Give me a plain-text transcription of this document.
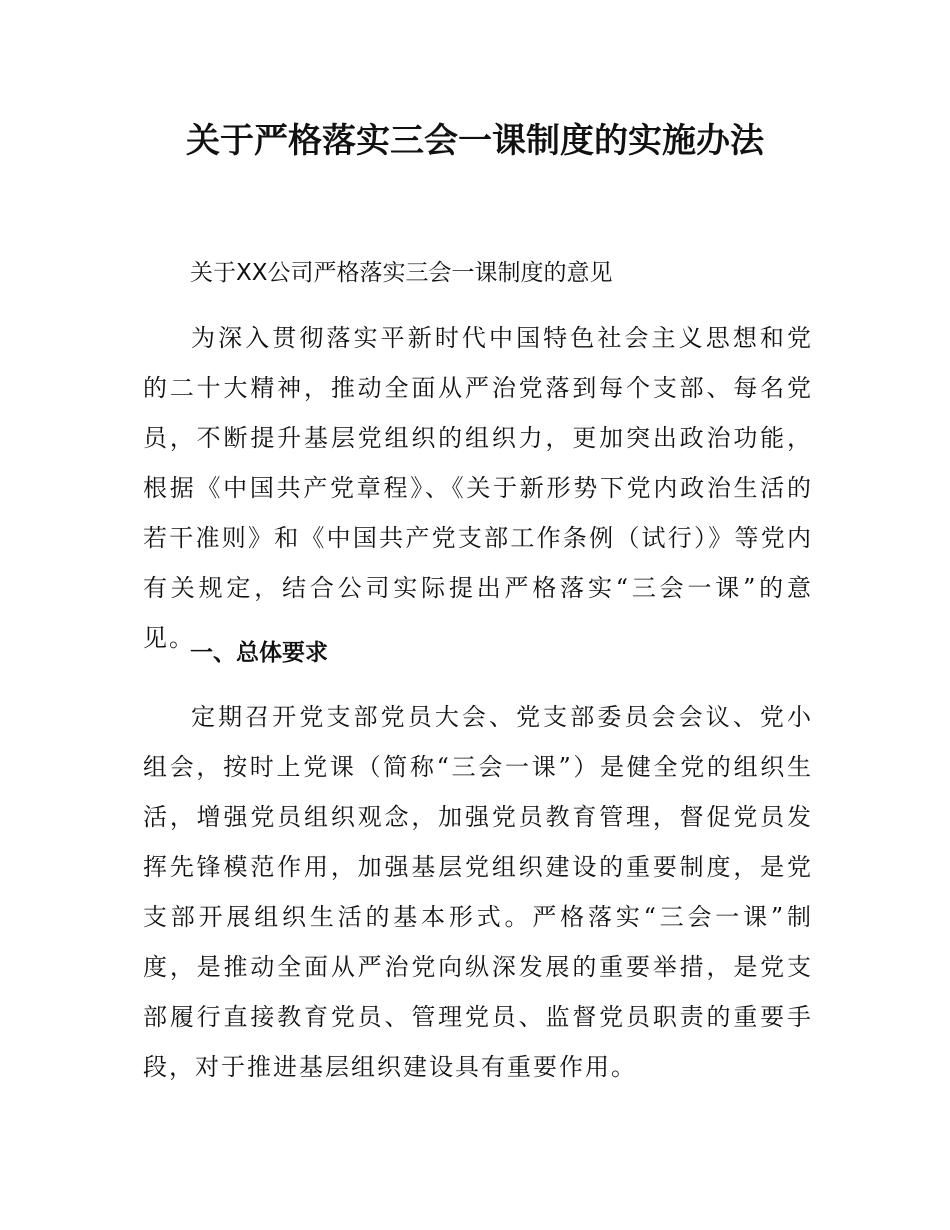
关于严格落实三会一课制度的实施办法

关于XX公司严格落实三会一课制度的意见

为深入贯彻落实平新时代中国特色社会主义思想和党的二十大精神，推动全面从严治党落到每个支部、每名党员，不断提升基层党组织的组织力，更加突出政治功能，根据《中国共产党章程》、《关于新形势下党内政治生活的若干准则》和《中国共产党支部工作条例（试行）》等党内有关规定，结合公司实际提出严格落实“三会一课”的意见。

一、总体要求

定期召开党支部党员大会、党支部委员会会议、党小组会，按时上党课（简称“三会一课”）是健全党的组织生活，增强党员组织观念，加强党员教育管理，督促党员发挥先锋模范作用，加强基层党组织建设的重要制度，是党支部开展组织生活的基本形式。严格落实“三会一课”制度，是推动全面从严治党向纵深发展的重要举措，是党支部履行直接教育党员、管理党员、监督党员职责的重要手段，对于推进基层组织建设具有重要作用。
